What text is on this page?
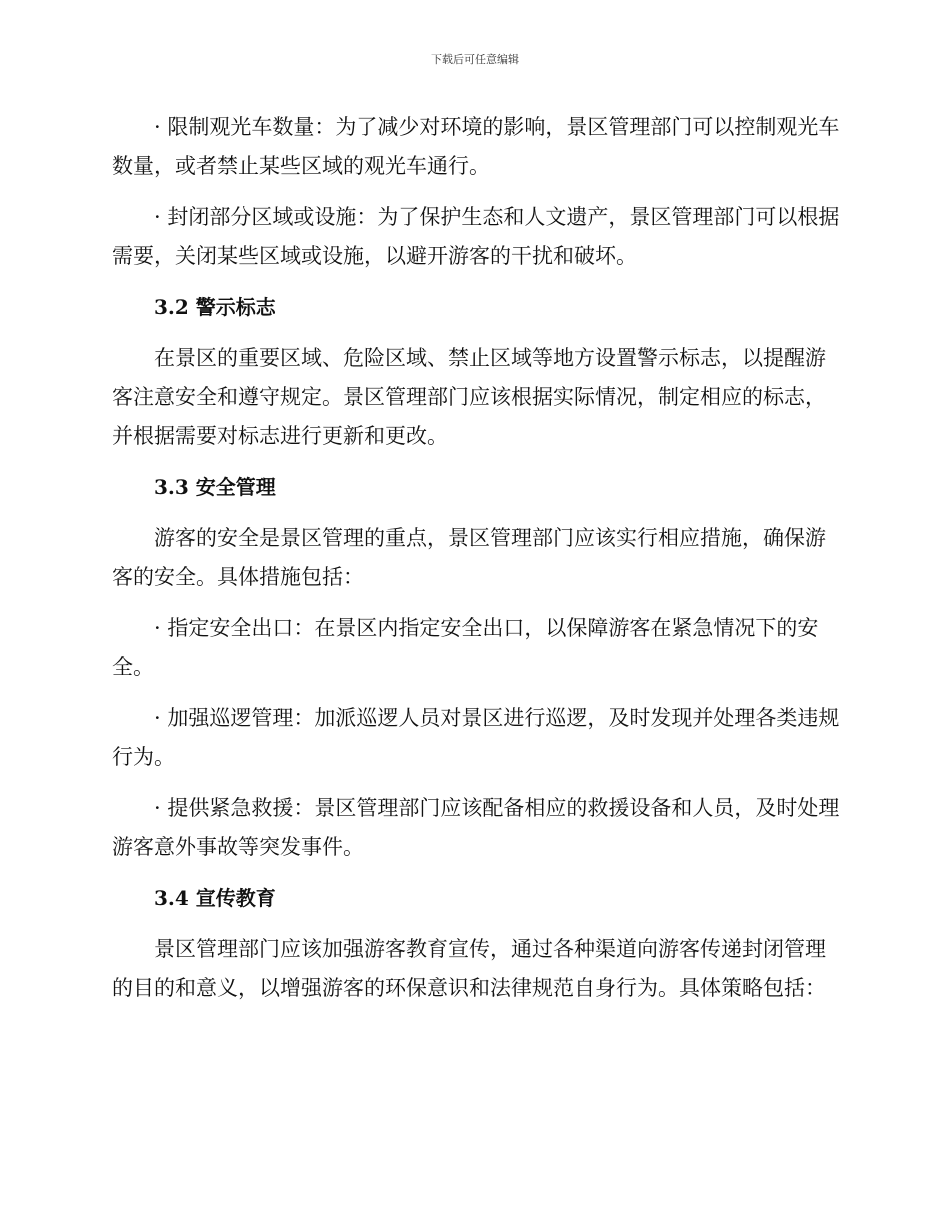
下载后可任意编辑

· 限制观光车数量：为了减少对环境的影响，景区管理部门可以控制观光车数量，或者禁止某些区域的观光车通行。

· 封闭部分区域或设施：为了保护生态和人文遗产，景区管理部门可以根据需要，关闭某些区域或设施，以避开游客的干扰和破坏。

3.2 警示标志

在景区的重要区域、危险区域、禁止区域等地方设置警示标志，以提醒游客注意安全和遵守规定。景区管理部门应该根据实际情况，制定相应的标志，并根据需要对标志进行更新和更改。

3.3 安全管理

游客的安全是景区管理的重点，景区管理部门应该实行相应措施，确保游客的安全。具体措施包括：

· 指定安全出口：在景区内指定安全出口，以保障游客在紧急情况下的安全。

· 加强巡逻管理：加派巡逻人员对景区进行巡逻，及时发现并处理各类违规行为。

· 提供紧急救援：景区管理部门应该配备相应的救援设备和人员，及时处理游客意外事故等突发事件。

3.4 宣传教育

景区管理部门应该加强游客教育宣传，通过各种渠道向游客传递封闭管理的目的和意义，以增强游客的环保意识和法律规范自身行为。具体策略包括：
